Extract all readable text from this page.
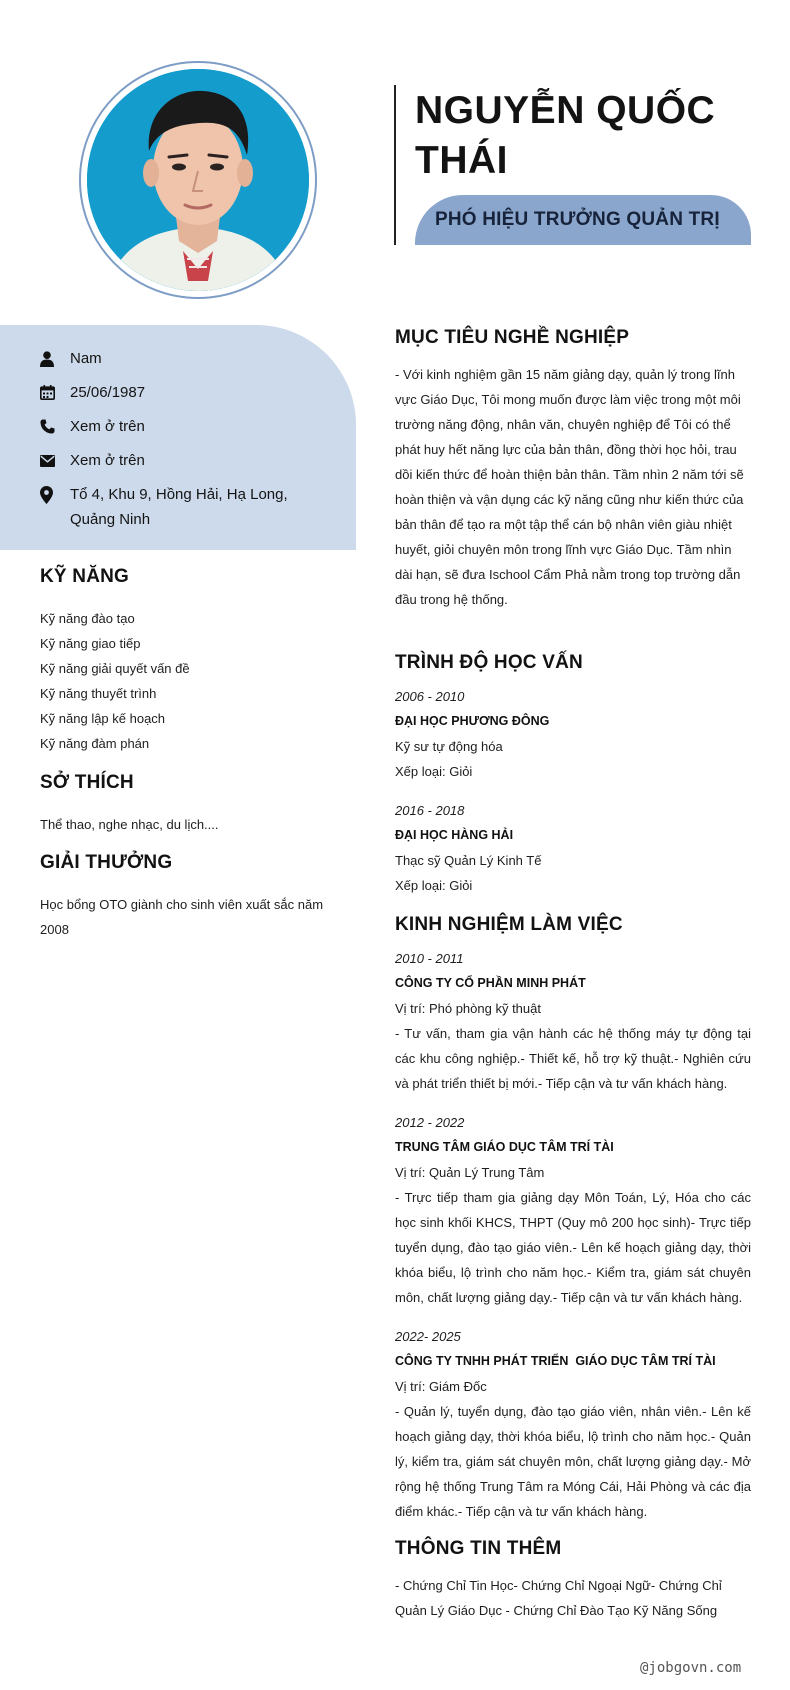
Nam
25/06/1987
Xem ở trên
Xem ở trên
Tổ 4, Khu 9, Hồng Hải, Hạ Long, Quảng Ninh
KỸ NĂNG
Kỹ năng đào tạo
Kỹ năng giao tiếp
Kỹ năng giải quyết vấn đề
Kỹ năng thuyết trình
Kỹ năng lập kế hoạch
Kỹ năng đàm phán
SỞ THÍCH
Thể thao, nghe nhạc, du lịch....
GIẢI THƯỞNG
Học bổng OTO giành cho sinh viên xuất sắc năm 2008
NGUYỄN QUỐC THÁI
PHÓ HIỆU TRƯỞNG QUẢN TRỊ
MỤC TIÊU NGHỀ NGHIỆP
- Với kinh nghiệm gần 15 năm giảng dạy, quản lý trong lĩnh vực Giáo Dục, Tôi mong muốn được làm việc trong một môi trường năng động, nhân văn, chuyên nghiệp để Tôi có thể phát huy hết năng lực của bản thân, đồng thời học hỏi, trau dồi kiến thức để hoàn thiện bản thân. Tầm nhìn 2 năm tới sẽ hoàn thiện và vận dụng các kỹ năng cũng như kiến thức của bản thân để tạo ra một tập thể cán bộ nhân viên giàu nhiệt huyết, giỏi chuyên môn trong lĩnh vực Giáo Dục. Tầm nhìn dài hạn, sẽ đưa Ischool Cẩm Phả nằm trong top trường dẫn đầu trong hệ thống.
TRÌNH ĐỘ HỌC VẤN
2006 - 2010
ĐẠI HỌC PHƯƠNG ĐÔNG
Kỹ sư tự động hóa
Xếp loại: Giỏi
2016 - 2018
ĐẠI HỌC HÀNG HẢI
Thạc sỹ Quản Lý Kinh Tế
Xếp loại: Giỏi
KINH NGHIỆM LÀM VIỆC
2010 - 2011
CÔNG TY CỔ PHẦN MINH PHÁT
Vị trí: Phó phòng kỹ thuật
- Tư vấn, tham gia vận hành các hệ thống máy tự động tại các khu công nghiệp.- Thiết kế, hỗ trợ kỹ thuật.- Nghiên cứu và phát triển thiết bị mới.- Tiếp cận và tư vấn khách hàng.
2012 - 2022
TRUNG TÂM GIÁO DỤC TÂM TRÍ TÀI
Vị trí: Quản Lý Trung Tâm
- Trực tiếp tham gia giảng dạy Môn Toán, Lý, Hóa cho các học sinh khối KHCS, THPT (Quy mô 200 học sinh)- Trực tiếp tuyển dụng, đào tạo giáo viên.- Lên kế hoạch giảng dạy, thời khóa biểu, lộ trình cho năm học.- Kiểm tra, giám sát chuyên môn, chất lượng giảng dạy.- Tiếp cận và tư vấn khách hàng.
2022- 2025
CÔNG TY TNHH PHÁT TRIỂN  GIÁO DỤC TÂM TRÍ TÀI
Vị trí: Giám Đốc
- Quản lý, tuyển dụng, đào tạo giáo viên, nhân viên.- Lên kế hoạch giảng dạy, thời khóa biểu, lộ trình cho năm học.- Quản lý, kiểm tra, giám sát chuyên môn, chất lượng giảng dạy.- Mở rộng hệ thống Trung Tâm ra Móng Cái, Hải Phòng và các địa điểm khác.- Tiếp cận và tư vấn khách hàng.
THÔNG TIN THÊM
- Chứng Chỉ Tin Học- Chứng Chỉ Ngoại Ngữ- Chứng Chỉ Quản Lý Giáo Dục - Chứng Chỉ Đào Tạo Kỹ Năng Sống
@jobgovn.com
